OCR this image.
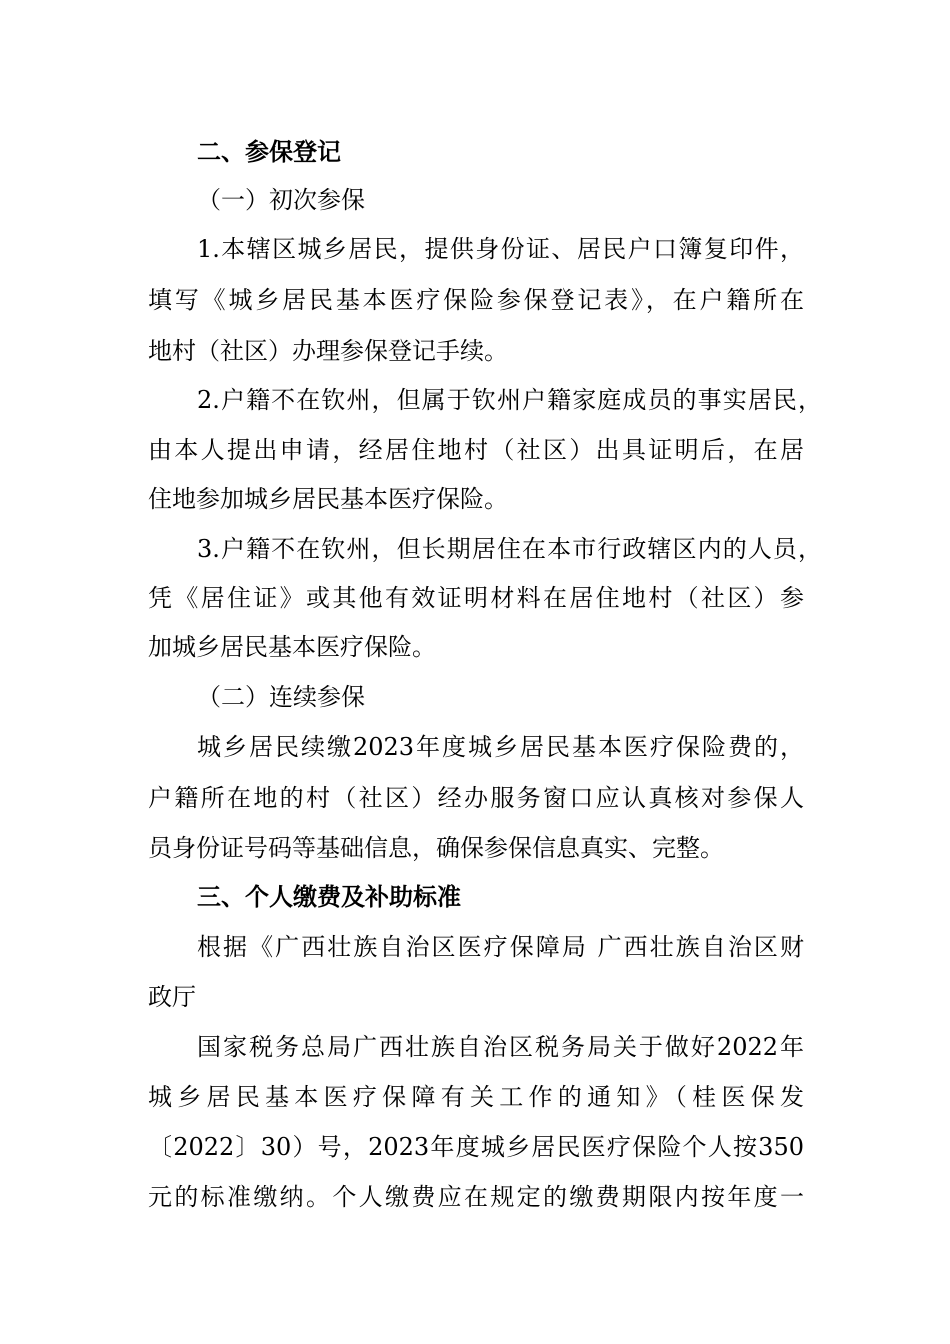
二、参保登记
（一）初次参保
1.本辖区城乡居民，提供身份证、居民户口簿复印件，
填写《城乡居民基本医疗保险参保登记表》，在户籍所在
地村（社区）办理参保登记手续。
2.户籍不在钦州，但属于钦州户籍家庭成员的事实居民，
由本人提出申请，经居住地村（社区）出具证明后，在居
住地参加城乡居民基本医疗保险。
3.户籍不在钦州，但长期居住在本市行政辖区内的人员，
凭《居住证》或其他有效证明材料在居住地村（社区）参
加城乡居民基本医疗保险。
（二）连续参保
城乡居民续缴2023年度城乡居民基本医疗保险费的，
户籍所在地的村（社区）经办服务窗口应认真核对参保人
员身份证号码等基础信息，确保参保信息真实、完整。
三、个人缴费及补助标准
根据《广西壮族自治区医疗保障局 广西壮族自治区财
政厅
国家税务总局广西壮族自治区税务局关于做好2022年
城乡居民基本医疗保障有关工作的通知》（桂医保发
〔2022〕30）号，2023年度城乡居民医疗保险个人按350
元的标准缴纳。个人缴费应在规定的缴费期限内按年度一
